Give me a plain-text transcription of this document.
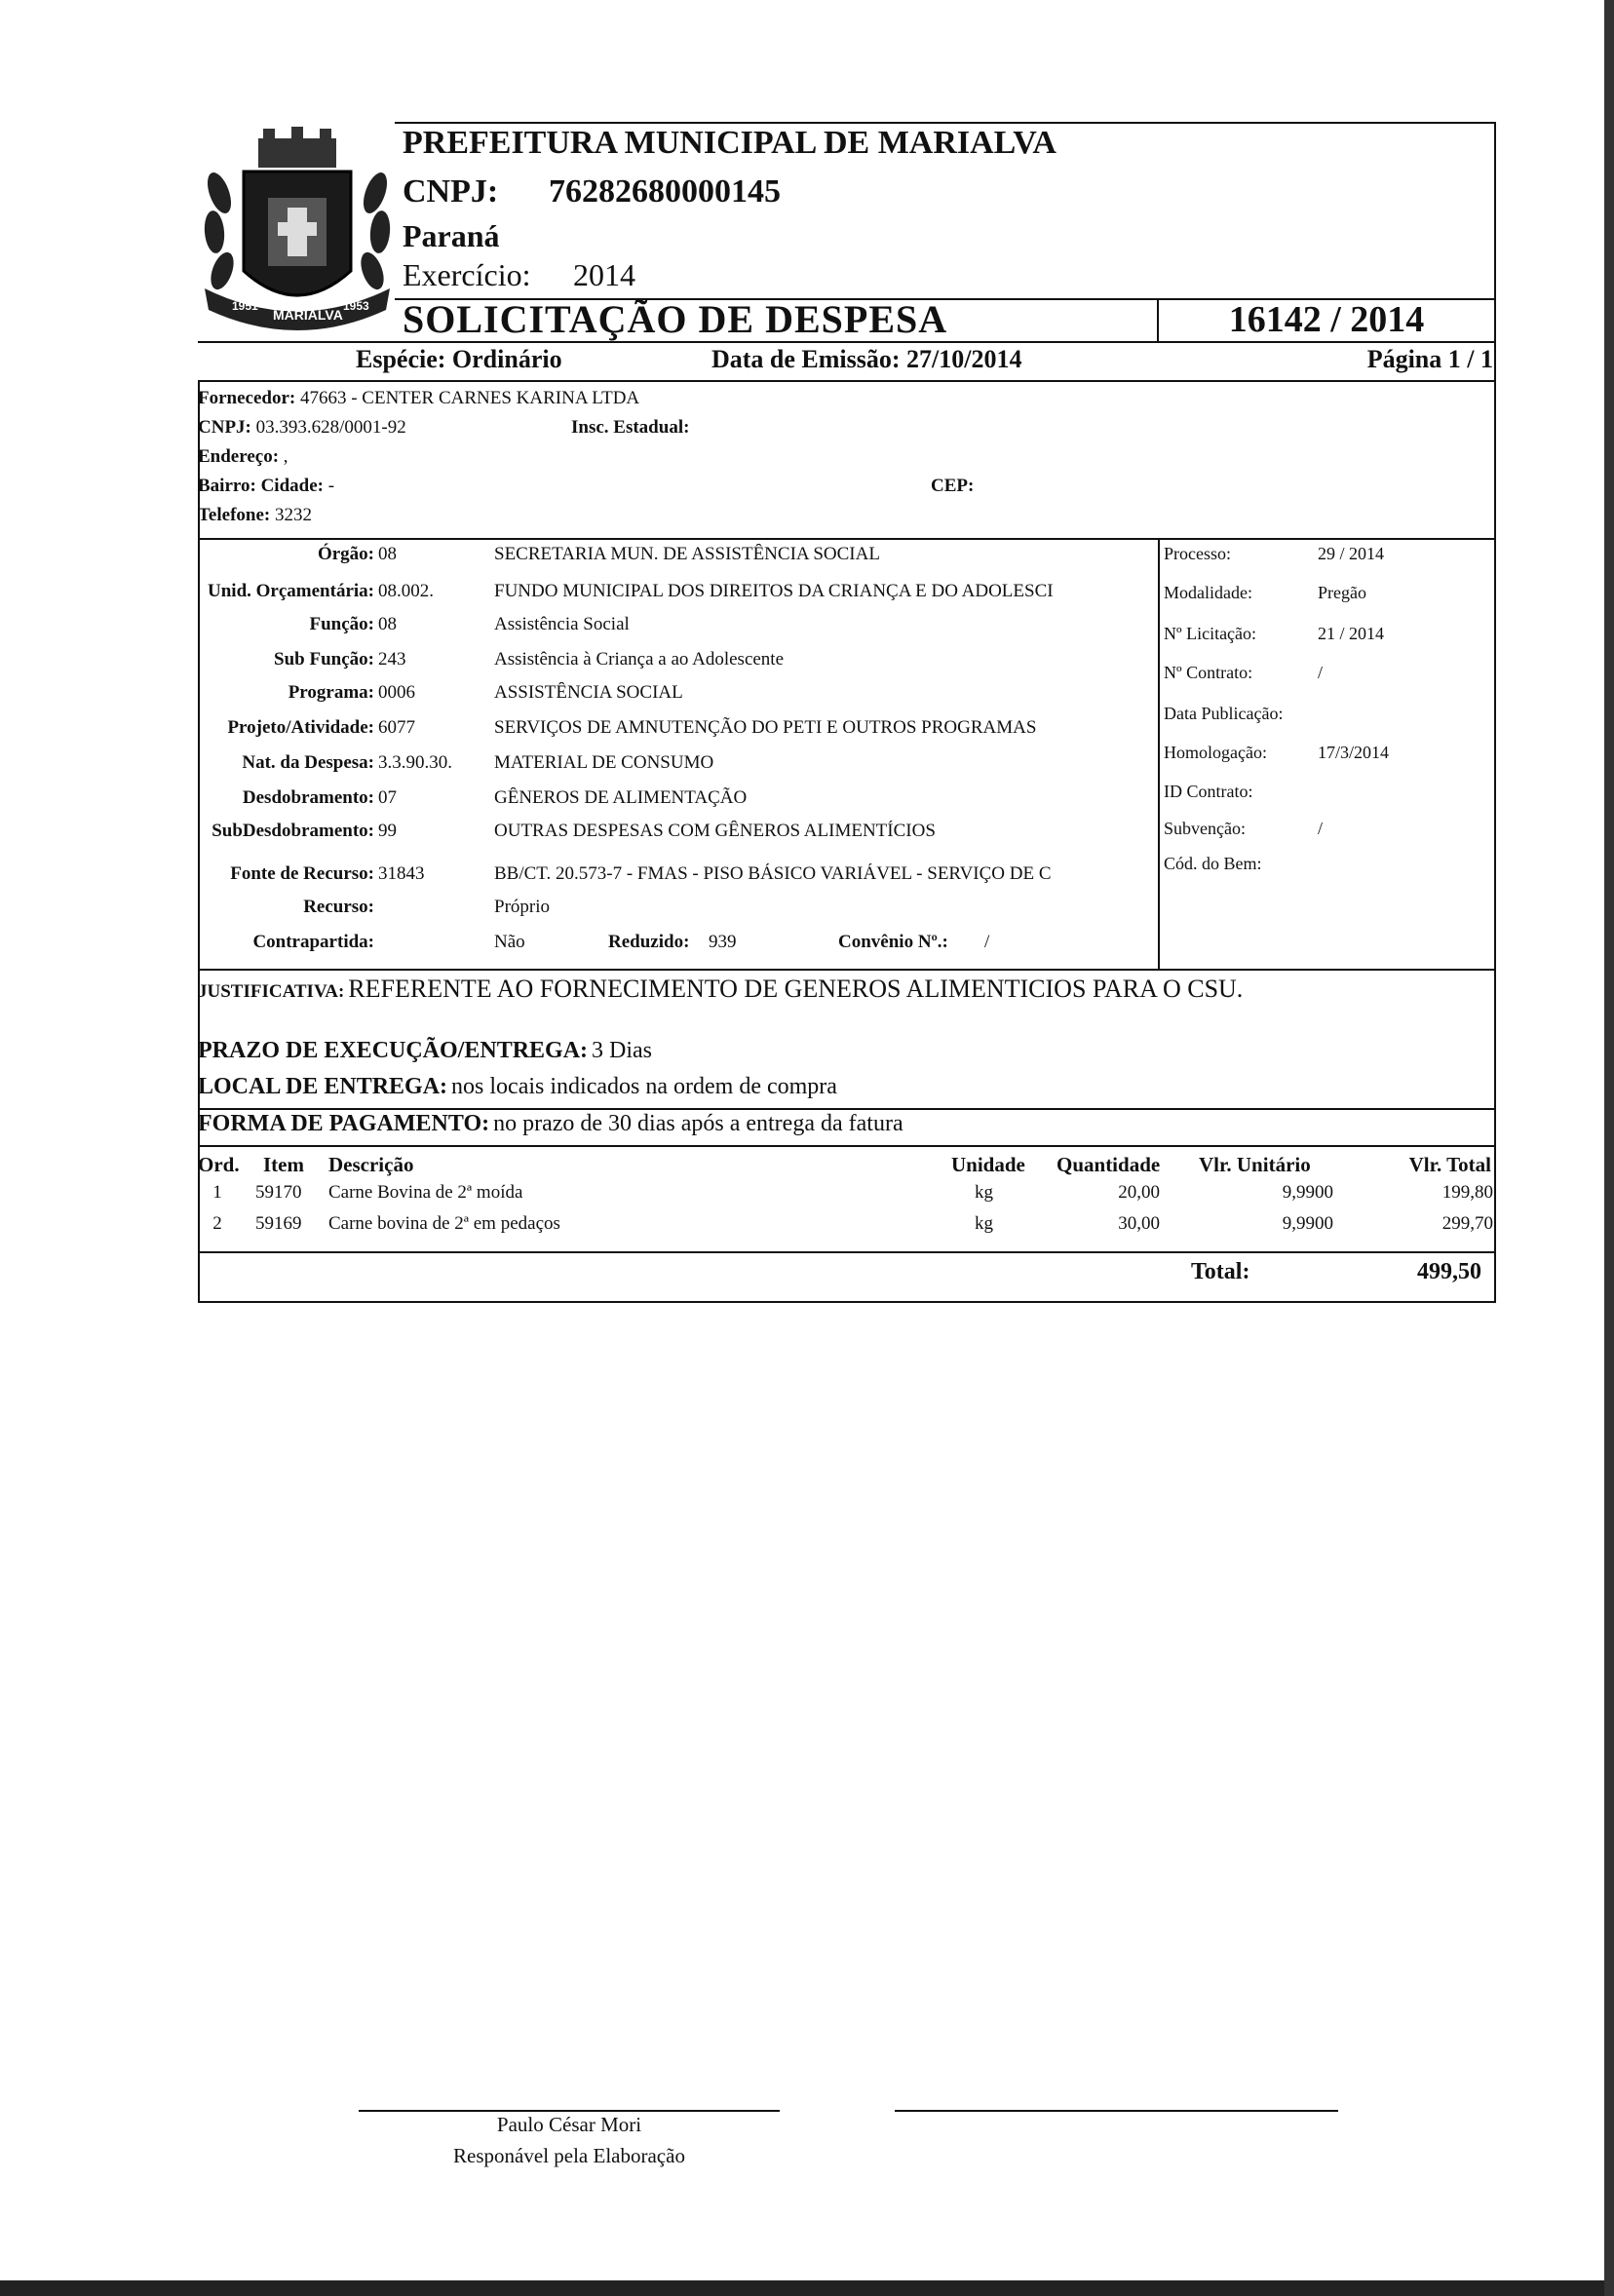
1951
MARIALVA
1953
PREFEITURA MUNICIPAL DE MARIALVA
CNPJ: 76282680000145
Paraná
Exercício: 2014
SOLICITAÇÃO DE DESPESA	16142 / 2014
Espécie: Ordinário	Data de Emissão: 27/10/2014	Página 1 / 1
Fornecedor: 47663 - CENTER CARNES KARINA LTDA
CNPJ: 03.393.628/0001-92	Insc. Estadual:
Endereço: ,
Bairro: Cidade: -	CEP:
Telefone: 3232
Órgão: 08	SECRETARIA MUN. DE ASSISTÊNCIA SOCIAL
Unid. Orçamentária: 08.002.	FUNDO MUNICIPAL DOS DIREITOS DA CRIANÇA E DO ADOLESCI
Função: 08	Assistência Social
Sub Função: 243	Assistência à Criança a ao Adolescente
Programa: 0006	ASSISTÊNCIA SOCIAL
Projeto/Atividade: 6077	SERVIÇOS DE AMNUTENÇÃO DO PETI E OUTROS PROGRAMAS
Nat. da Despesa: 3.3.90.30. MATERIAL DE CONSUMO
Desdobramento: 07	GÊNEROS DE ALIMENTAÇÃO
SubDesdobramento: 99	OUTRAS DESPESAS COM GÊNEROS ALIMENTÍCIOS
Fonte de Recurso: 31843	BB/CT. 20.573-7 - FMAS - PISO BÁSICO VARIÁVEL - SERVIÇO DE C
Recurso:	Próprio
Contrapartida:	Não
Processo:	29 / 2014
Modalidade:	Pregão
Nº Licitação:	21 / 2014
Nº Contrato:	/
Data Publicação:
Homologação:	17/3/2014
ID Contrato:
Subvenção:	/
Cód. do Bem:
Reduzido: 939	Convênio Nº.: /
JUSTIFICATIVA: REFERENTE AO FORNECIMENTO DE GENEROS ALIMENTICIOS PARA O CSU.
PRAZO DE EXECUÇÃO/ENTREGA: 3 Dias
LOCAL DE ENTREGA: nos locais indicados na ordem de compra
FORMA DE PAGAMENTO: no prazo de 30 dias após a entrega da fatura
Ord. Item Descrição	Unidade Quantidade Vlr. Unitário	Vlr. Total
1	59170 Carne Bovina de 2ª moída	kg	20,00	9,9900	199,80
2	59169 Carne bovina de 2ª em pedaços	kg	30,00	9,9900	299,70
Total:	499,50
Paulo César Mori
Responável pela Elaboração
